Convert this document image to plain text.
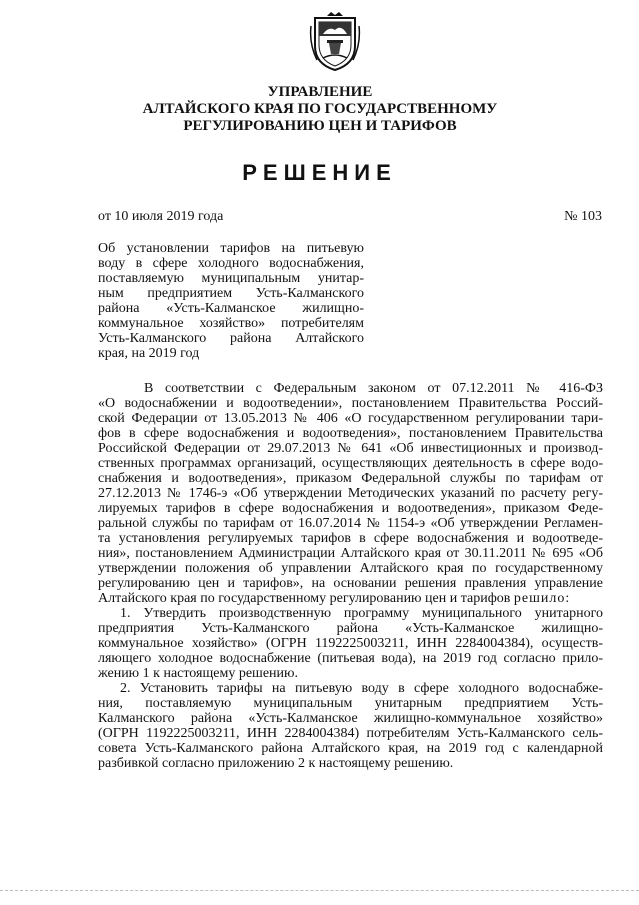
УПРАВЛЕНИЕ
АЛТАЙСКОГО КРАЯ ПО ГОСУДАРСТВЕННОМУ
РЕГУЛИРОВАНИЮ ЦЕН И ТАРИФОВ
РЕШЕНИЕ
от 10 июля 2019 года	№ 103
Об установлении тарифов на питьевую
воду в сфере холодного водоснабжения,
поставляемую муниципальным унитар-
ным предприятием Усть-Калманского
района «Усть-Калманское жилищно-
коммунальное хозяйство» потребителям
Усть-Калманского района Алтайского
края, на 2019 год
В соответствии с Федеральным законом от 07.12.2011 № 416-ФЗ
«О водоснабжении и водоотведении», постановлением Правительства Россий-
ской Федерации от 13.05.2013 № 406 «О государственном регулировании тари-
фов в сфере водоснабжения и водоотведения», постановлением Правительства
Российской Федерации от 29.07.2013 № 641 «Об инвестиционных и производ-
ственных программах организаций, осуществляющих деятельность в сфере водо-
снабжения и водоотведения», приказом Федеральной службы по тарифам от
27.12.2013 № 1746-э «Об утверждении Методических указаний по расчету регу-
лируемых тарифов в сфере водоснабжения и водоотведения», приказом Феде-
ральной службы по тарифам от 16.07.2014 № 1154-э «Об утверждении Регламен-
та установления регулируемых тарифов в сфере водоснабжения и водоотведе-
ния», постановлением Администрации Алтайского края от 30.11.2011 № 695 «Об
утверждении положения об управлении Алтайского края по государственному
регулированию цен и тарифов», на основании решения правления управление
Алтайского края по государственному регулированию цен и тарифов решило:
1. Утвердить производственную программу муниципального унитарного
предприятия Усть-Калманского района «Усть-Калманское жилищно-
коммунальное хозяйство» (ОГРН 1192225003211, ИНН 2284004384), осуществ-
ляющего холодное водоснабжение (питьевая вода), на 2019 год согласно прило-
жению 1 к настоящему решению.
2. Установить тарифы на питьевую воду в сфере холодного водоснабже-
ния, поставляемую муниципальным унитарным предприятием Усть-
Калманского района «Усть-Калманское жилищно-коммунальное хозяйство»
(ОГРН 1192225003211, ИНН 2284004384) потребителям Усть-Калманского сель-
совета Усть-Калманского района Алтайского края, на 2019 год с календарной
разбивкой согласно приложению 2 к настоящему решению.
